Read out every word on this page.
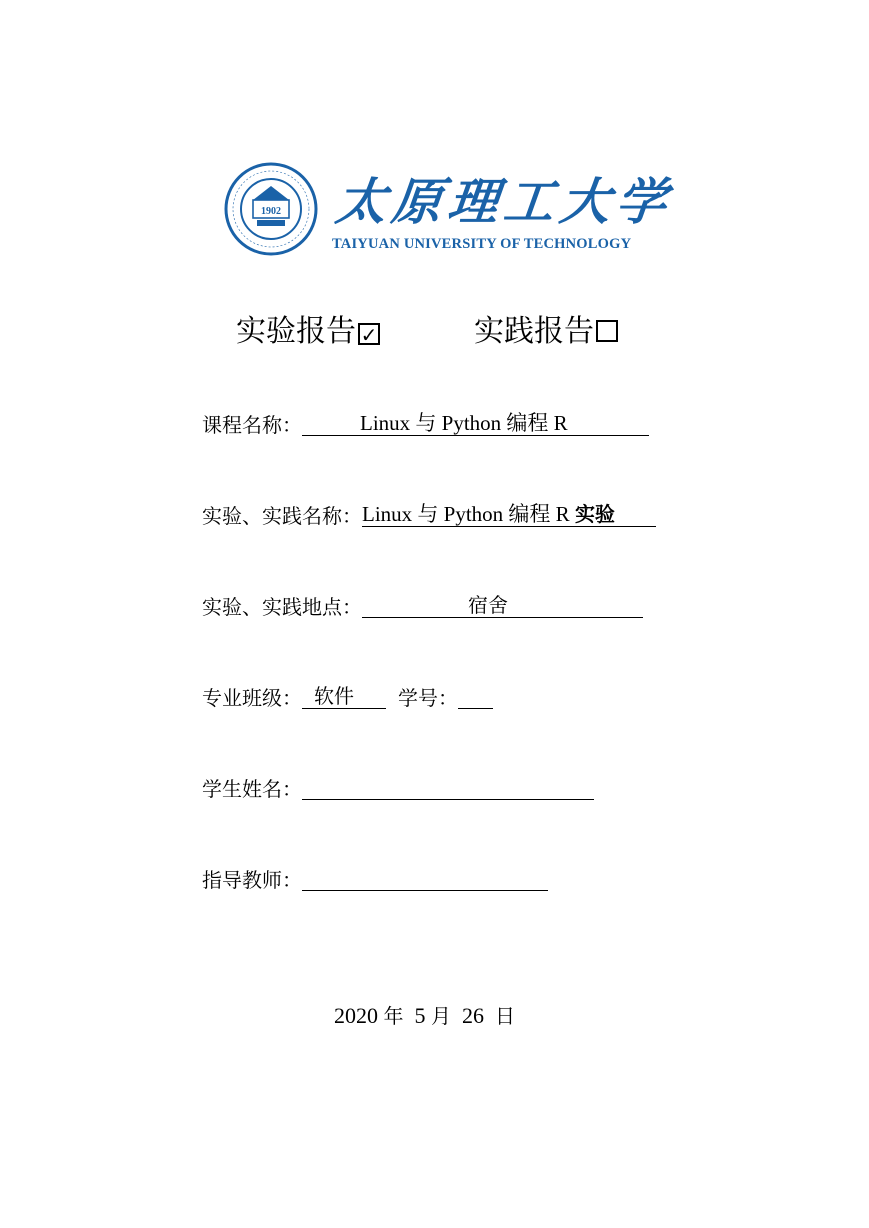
1902 太原理工大学
TAIYUAN UNIVERSITY OF TECHNOLOGY
实验报告 ✓	实践报告
课程名称：	Linux 与 Python 编程 R
实验、实践名称：Linux 与 Python 编程 R 实验
实验、实践地点：	宿舍
专业班级： 软件 学号：
学生姓名：
指导教师：
2020 年 5 月 26 日
